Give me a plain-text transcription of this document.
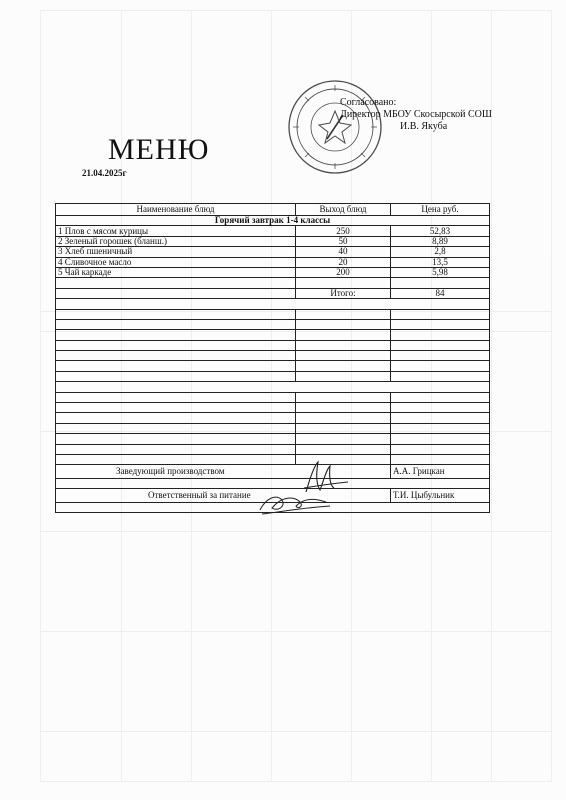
Согласовано:
Директор МБОУ Скосырской СОШ
И.В. Якуба
МЕНЮ
21.04.2025г
Наименование блюд	Выход блюд	Цена руб.
Горячий завтрак 1-4 классы		
1 Плов с мясом курицы	250	52,83
2 Зеленый горошек (бланш.)	50	8,89
3 Хлеб пшеничный	40	2,8
4 Сливочное масло	20	13,5
5 Чай каркаде	200	5,98

	Итого:	84

Заведующий производством		А.А. Грицкан

Ответственный за питание		Т.И. Цыбульник
